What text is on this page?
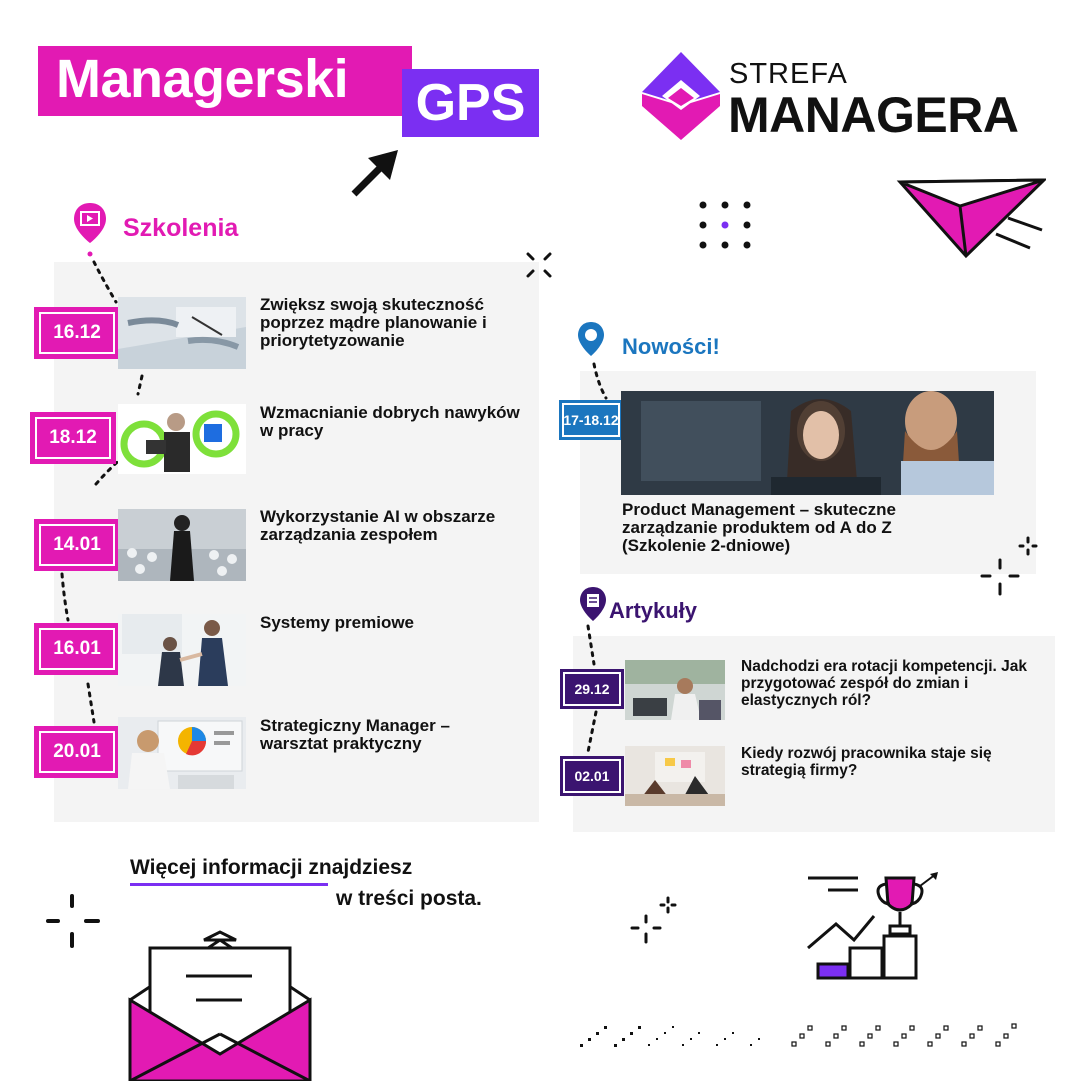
Managerski	GPS	STREFA
MANAGERA
Szkolenia
16.12
Zwiększ swoją skuteczność poprzez mądre planowanie i priorytetyzowanie
18.12
Wzmacnianie dobrych nawyków w pracy
14.01
Wykorzystanie AI w obszarze zarządzania zespołem
16.01
Systemy premiowe
20.01
Strategiczny Manager – warsztat praktyczny
Nowości!
17-18.12
Product Management – skuteczne zarządzanie produktem od A do Z (Szkolenie 2-dniowe)
Artykuły
29.12
Nadchodzi era rotacji kompetencji. Jak przygotować zespół do zmian i elastycznych ról?
02.01
Kiedy rozwój pracownika staje się strategią firmy?
Więcej informacji znajdziesz
w treści posta.
